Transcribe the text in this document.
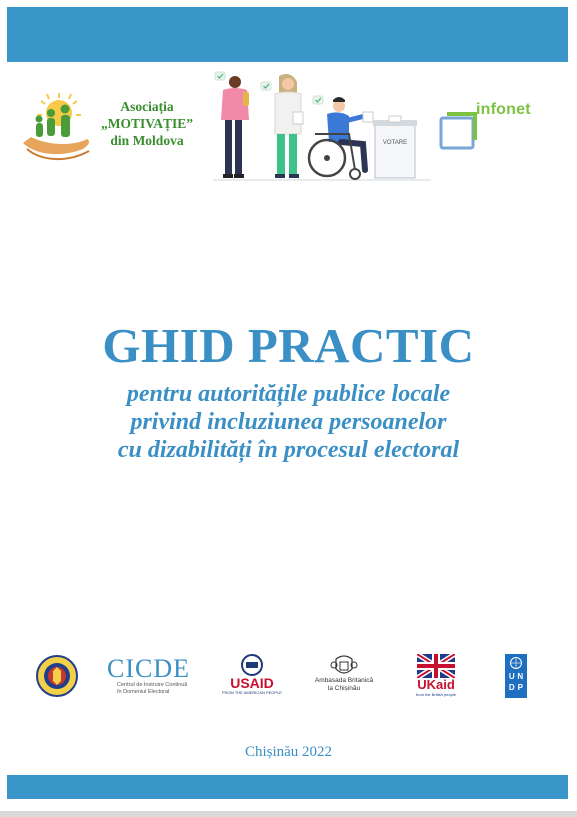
Asociația
„MOTIVAȚIE”
din Moldova	VOTARE
infonet
GHID PRACTIC
pentru autoritățile publice locale
privind incluziunea persoanelor
cu dizabilități în procesul electoral
CICDE
Centrul de Instruire Continuă
în Domeniul Electoral
USAID
FROM THE AMERICAN PEOPLE
Ambasada Britanică
la Chișinău	UKaid
from the British people
U N
D P
Chișinău 2022
